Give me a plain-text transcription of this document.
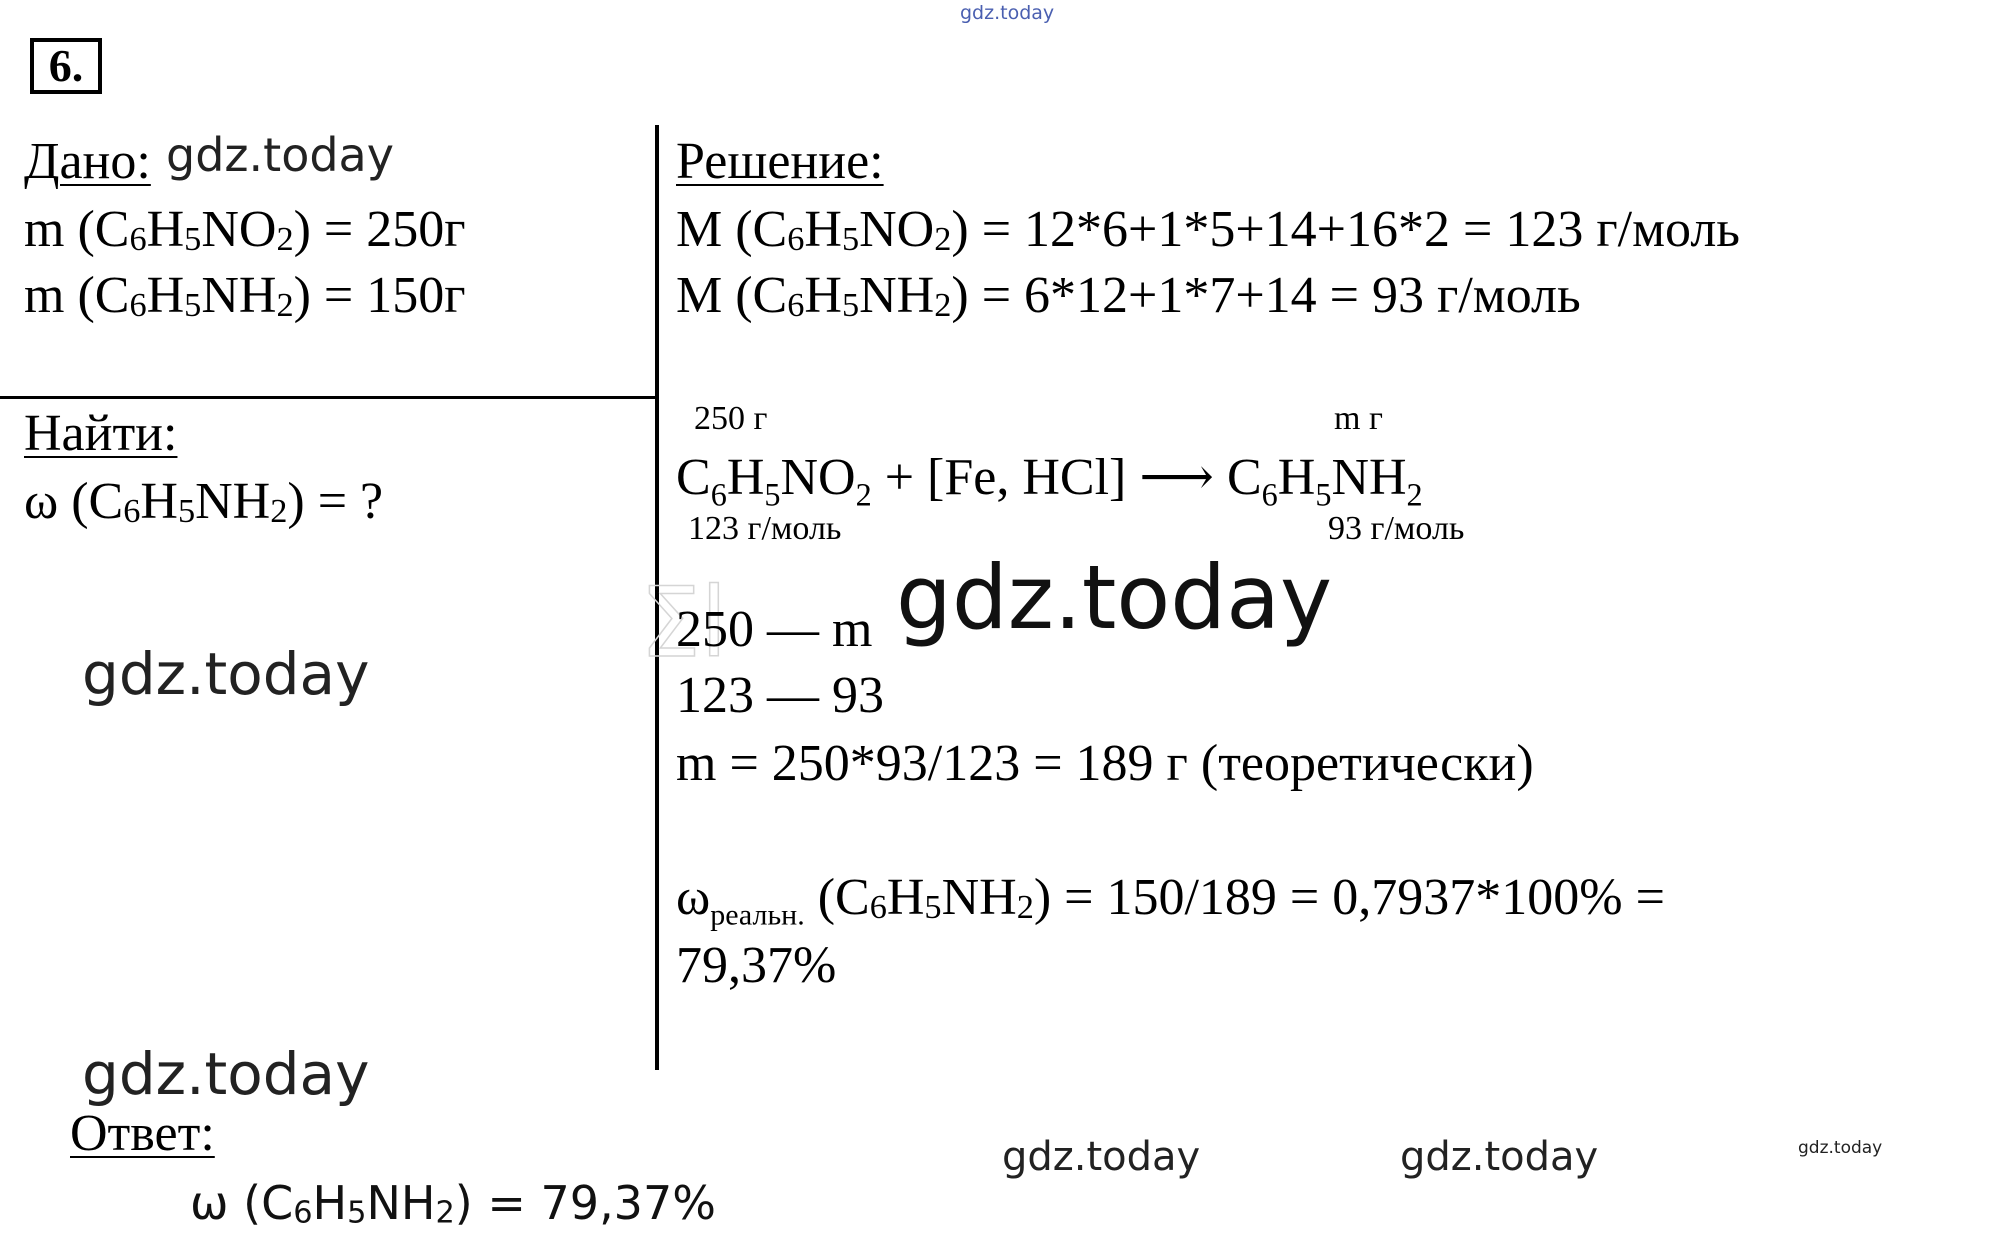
gdz.today
6.
Дано: gdz.today
m $(C_6H_5NO_2) = 250г$
m $(C_6H_5NH_2) = 150г$
Найти:
ω $(C_6H_5NH_2)$ = ?
gdz.today
Решение:
M $(C_6H_5NO_2) = 12*6+1*5+14+16*2 = 123$ г/моль
M $(C_6H_5NH_2) = 6*12+1*7+14 = 93$ г/моль
250 г	m г
$C_6H_5NO_2 + [Fe$, HCl] ⟶ $C_6H_5NH_2$
123 г/моль	93 г/моль
Σl	gdz.today
250 — m
123 — 93
m = 250*93/123 = 189 г (теоретически)
$\omega_{реальн.}$ $(C_6H_5NH_2) = 150/189 = 0,7937*100\%$ =
79,37%
gdz.today
Ответ:
ω $(C_6H_5NH_2) = 79,37\%$
gdz.today	gdz.today	gdz.today
